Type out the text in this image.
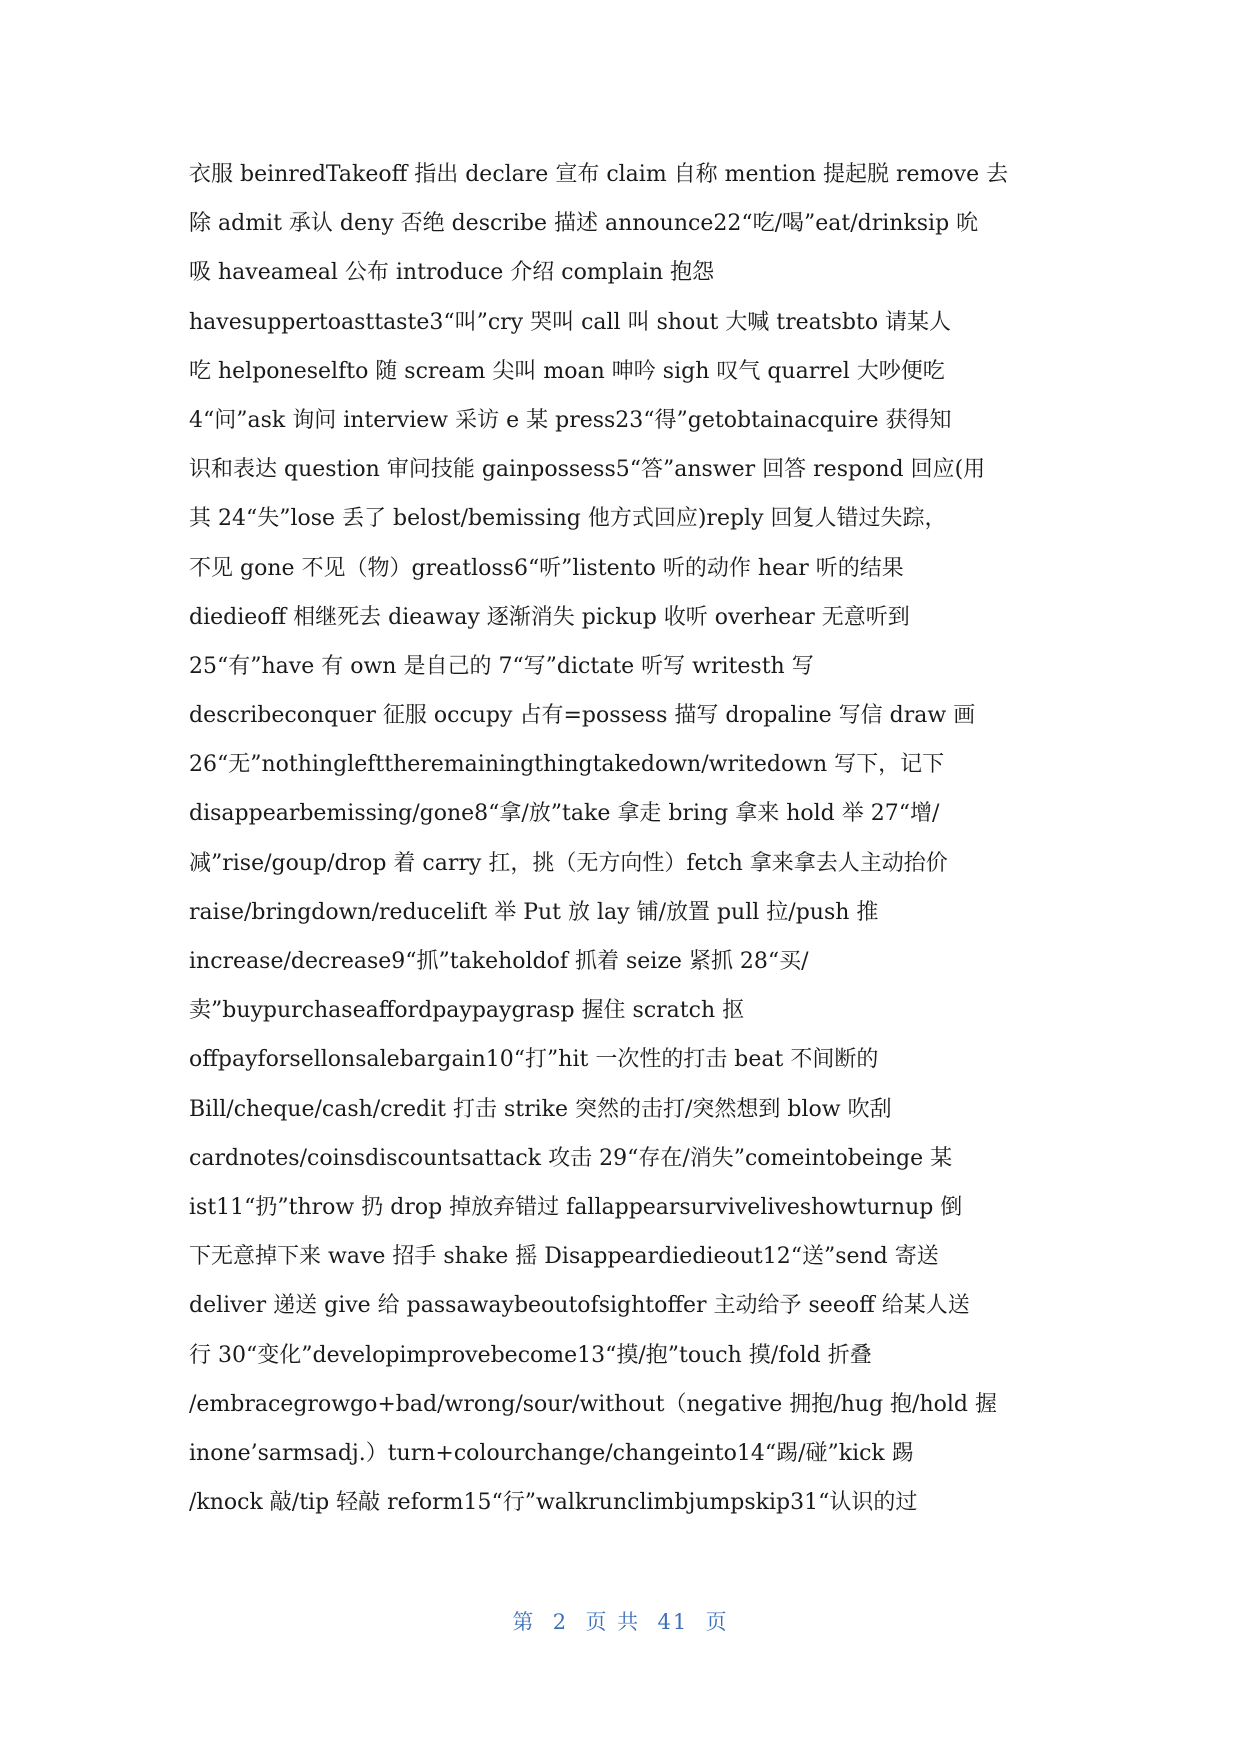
衣服 beinredTakeoff 指出 declare 宣布 claim 自称 mention 提起脱 remove 去
除 admit 承认 deny 否绝 describe 描述 announce22“吃/喝”eat/drinksip 吮
吸 haveameal 公布 introduce 介绍 complain 抱怨
havesuppertoasttaste3“叫”cry 哭叫 call 叫 shout 大喊 treatsbto 请某人
吃 helponeselfto 随 scream 尖叫 moan 呻吟 sigh 叹气 quarrel 大吵便吃
4“问”ask 询问 interview 采访 e 某 press23“得”getobtainacquire 获得知
识和表达 question 审问技能 gainpossess5“答”answer 回答 respond 回应(用
其 24“失”lose 丢了 belost/bemissing 他方式回应)reply 回复人错过失踪，
不见 gone 不见（物）greatloss6“听”listento 听的动作 hear 听的结果
diedieoff 相继死去 dieaway 逐渐消失 pickup 收听 overhear 无意听到
25“有”have 有 own 是自己的 7“写”dictate 听写 writesth 写
describeconquer 征服 occupy 占有=possess 描写 dropaline 写信 draw 画
26“无”nothinglefttheremainingthingtakedown/writedown 写下，记下
disappearbemissing/gone8“拿/放”take 拿走 bring 拿来 hold 举 27“增/
减”rise/goup/drop 着 carry 扛，挑（无方向性）fetch 拿来拿去人主动抬价
raise/bringdown/reducelift 举 Put 放 lay 铺/放置 pull 拉/push 推
increase/decrease9“抓”takeholdof 抓着 seize 紧抓 28“买/
卖”buypurchaseaffordpaypaygrasp 握住 scratch 抠
offpayforsellonsalebargain10“打”hit 一次性的打击 beat 不间断的
Bill/cheque/cash/credit 打击 strike 突然的击打/突然想到 blow 吹刮
cardnotes/coinsdiscountsattack 攻击 29“存在/消失”comeintobeinge 某
ist11“扔”throw 扔 drop 掉放弃错过 fallappearsurviveliveshowturnup 倒
下无意掉下来 wave 招手 shake 摇 Disappeardiedieout12“送”send 寄送
deliver 递送 give 给 passawaybeoutofsightoffer 主动给予 seeoff 给某人送
行 30“变化”developimprovebecome13“摸/抱”touch 摸/fold 折叠
/embracegrowgo+bad/wrong/sour/without（negative 拥抱/hug 抱/hold 握
inone’sarmsadj.）turn+colourchange/changeinto14“踢/碰”kick 踢
/knock 敲/tip 轻敲 reform15“行”walkrunclimbjumpskip31“认识的过
第  2  页 共  41  页
